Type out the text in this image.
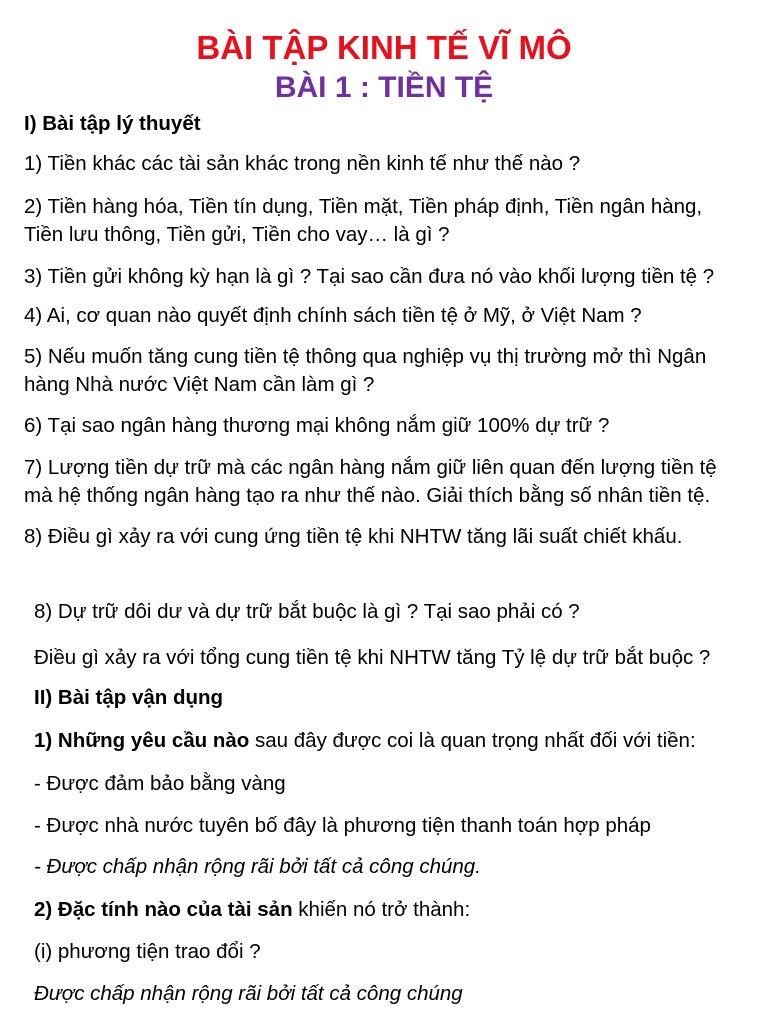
BÀI TẬP KINH TẾ VĨ MÔ
BÀI 1 : TIỀN TỆ
I) Bài tập lý thuyết
1) Tiền khác các tài sản khác trong nền kinh tế như thế nào ?
2) Tiền hàng hóa, Tiền tín dụng, Tiền mặt, Tiền pháp định, Tiền ngân hàng,
Tiền lưu thông, Tiền gửi, Tiền cho vay… là gì ?
3) Tiền gửi không kỳ hạn là gì ? Tại sao cần đưa nó vào khối lượng tiền tệ ?
4) Ai, cơ quan nào quyết định chính sách tiền tệ ở Mỹ, ở Việt Nam ?
5) Nếu muốn tăng cung tiền tệ thông qua nghiệp vụ thị trường mở thì Ngân
hàng Nhà nước Việt Nam cần làm gì ?
6) Tại sao ngân hàng thương mại không nắm giữ 100% dự trữ ?
7) Lượng tiền dự trữ mà các ngân hàng nắm giữ liên quan đến lượng tiền tệ
mà hệ thống ngân hàng tạo ra như thế nào. Giải thích bằng số nhân tiền tệ.
8) Điều gì xảy ra với cung ứng tiền tệ khi NHTW tăng lãi suất chiết khấu.
8) Dự trữ dôi dư và dự trữ bắt buộc là gì ? Tại sao phải có ?
Điều gì xảy ra với tổng cung tiền tệ khi NHTW tăng Tỷ lệ dự trữ bắt buộc ?
II) Bài tập vận dụng
1) Những yêu cầu nào sau đây được coi là quan trọng nhất đối với tiền:
- Được đảm bảo bằng vàng
- Được nhà nước tuyên bố đây là phương tiện thanh toán hợp pháp
- Được chấp nhận rộng rãi bởi tất cả công chúng.
2) Đặc tính nào của tài sản khiến nó trở thành:
(i) phương tiện trao đổi ?
Được chấp nhận rộng rãi bởi tất cả công chúng
